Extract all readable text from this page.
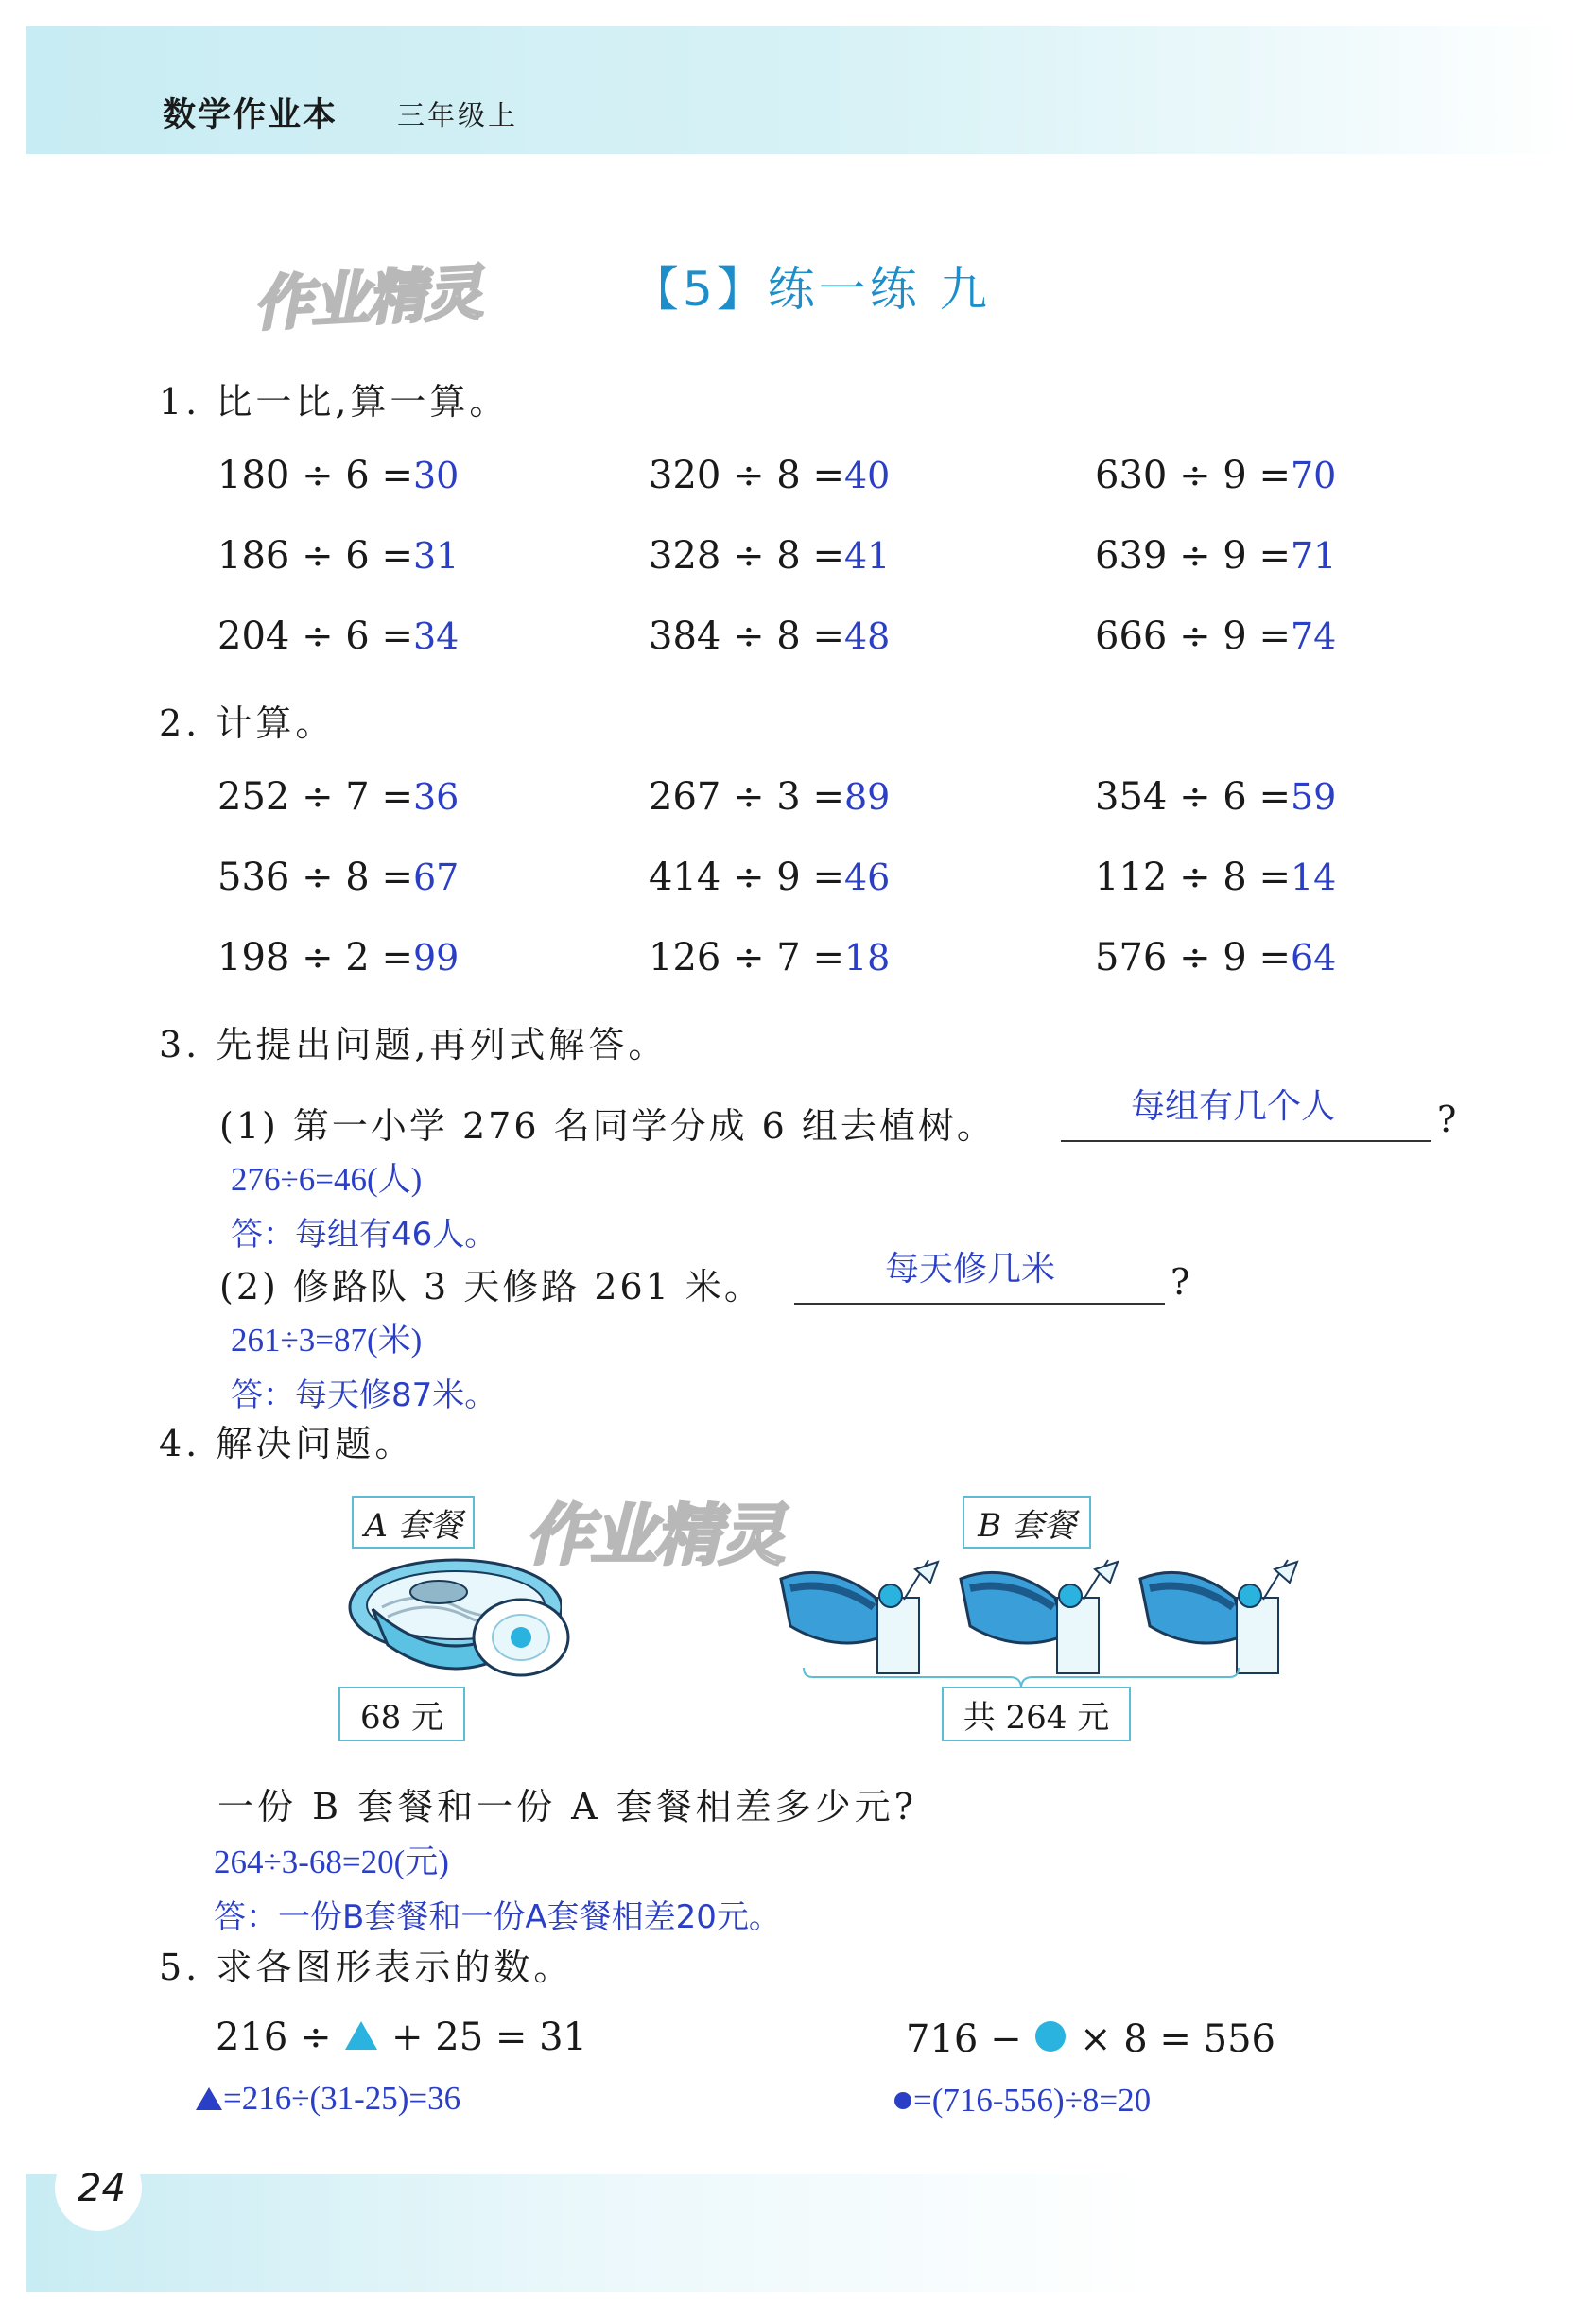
数学作业本 三年级上
作业精灵	【5】练一练 九
1. 比一比,算一算。
180 ÷ 6 =30	320 ÷ 8 =40	630 ÷ 9 =70
186 ÷ 6 =31	328 ÷ 8 =41	639 ÷ 9 =71
204 ÷ 6 =34	384 ÷ 8 =48	666 ÷ 9 =74
2. 计算。
252 ÷ 7 =36	267 ÷ 3 =89	354 ÷ 6 =59
536 ÷ 8 =67	414 ÷ 9 =46	112 ÷ 8 =14
198 ÷ 2 =99	126 ÷ 7 =18	576 ÷ 9 =64
3. 先提出问题,再列式解答。
(1) 第一小学 276 名同学分成 6 组去植树。	每组有几个人	?
276÷6=46(人)
答：每组有46人。
(2) 修路队 3 天修路 261 米。	每天修几米	?
261÷3=87(米)
答：每天修87米。
4. 解决问题。
A 套餐 作业精灵
68 元
B 套餐
共 264 元
一份 B 套餐和一份 A 套餐相差多少元?
264÷3-68=20(元)
答：一份B套餐和一份A套餐相差20元。
5. 求各图形表示的数。
216 ÷ + 25 = 31
=216÷(31-25)=36
716 − × 8 = 556
=(716-556)÷8=20
24
